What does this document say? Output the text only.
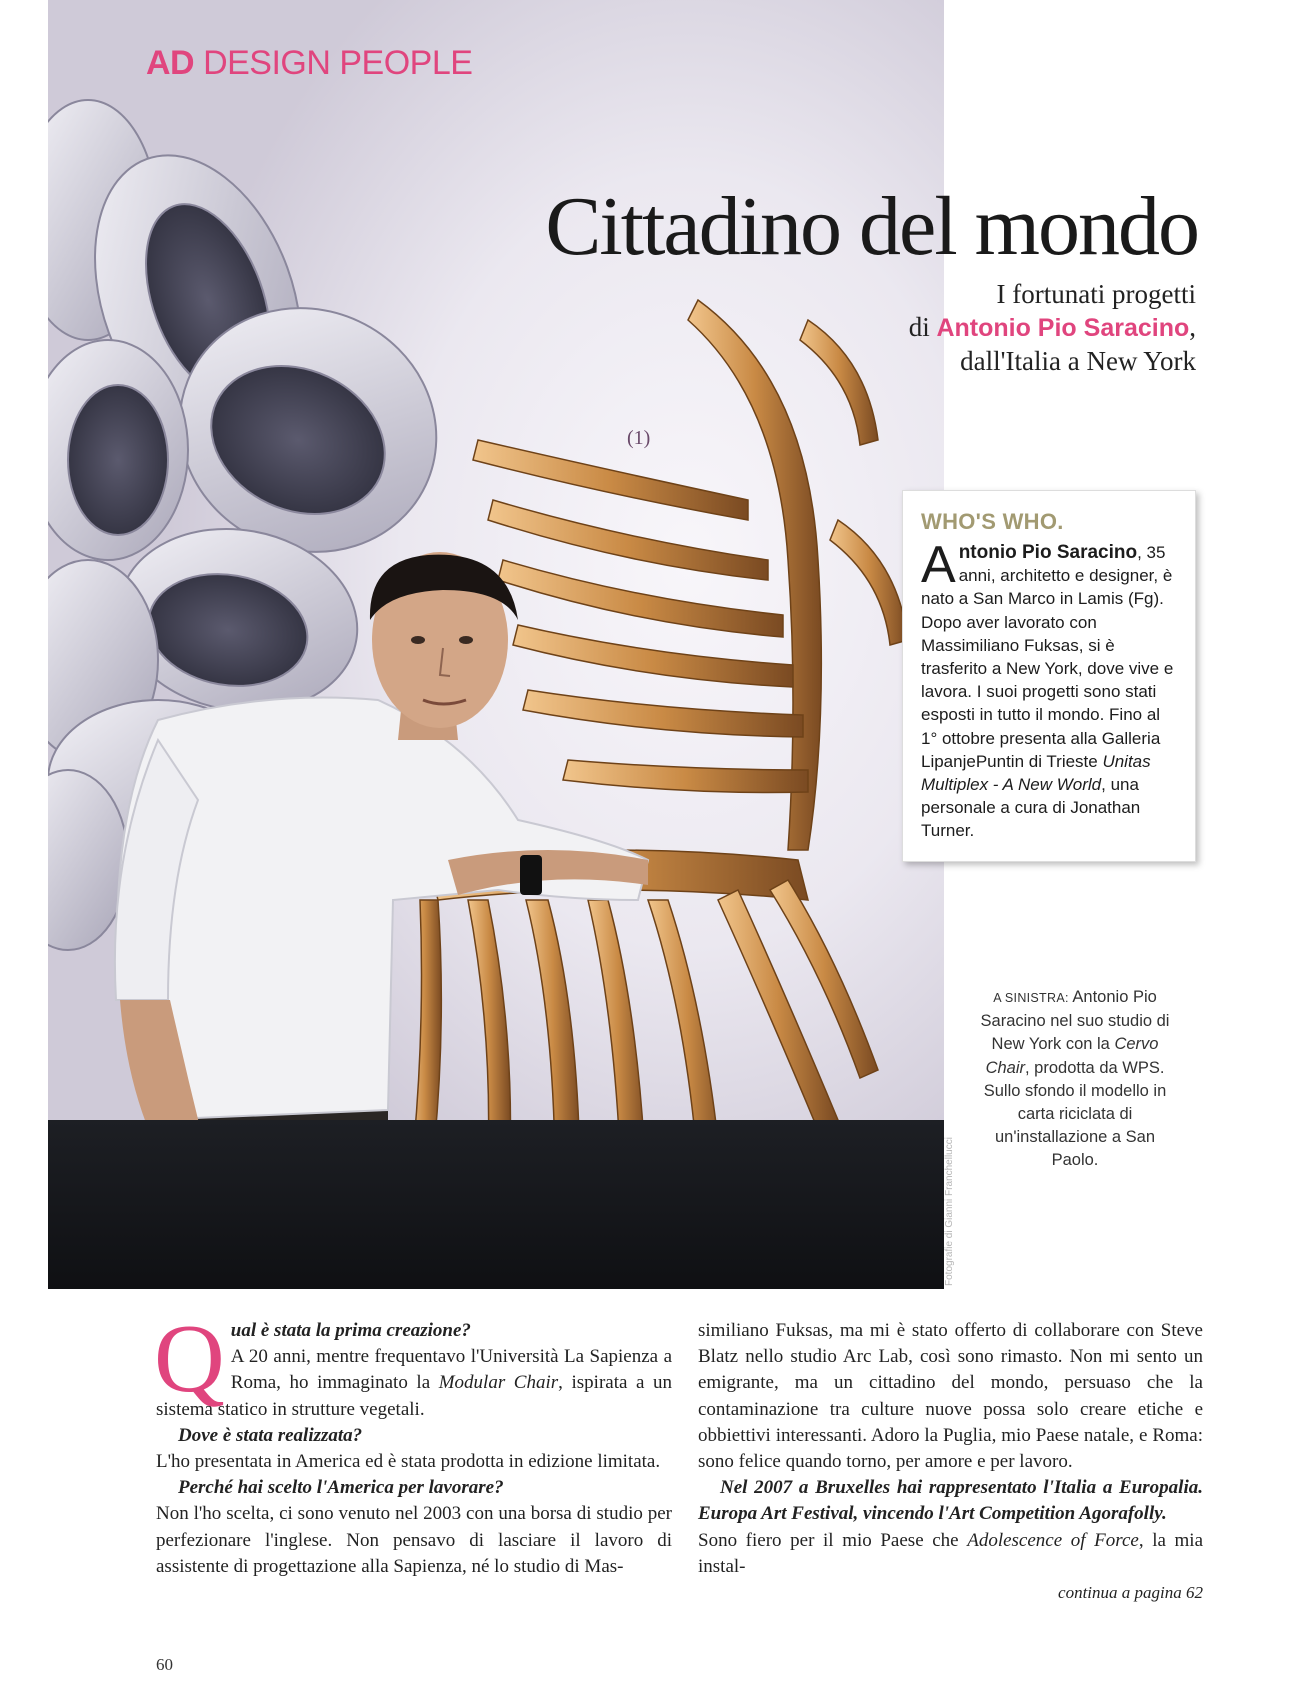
AD DESIGN PEOPLE
Cittadino del mondo
I fortunati progetti
di Antonio Pio Saracino,
dall'Italia a New York
(1)
WHO'S WHO.
Antonio Pio Saracino, 35 anni, architetto e designer, è nato a San Marco in Lamis (Fg). Dopo aver lavorato con Massimiliano Fuksas, si è trasferito a New York, dove vive e lavora. I suoi progetti sono stati esposti in tutto il mondo. Fino al 1° ottobre presenta alla Galleria LipanjePuntin di Trieste Unitas Multiplex - A New World, una personale a cura di Jonathan Turner.
A SINISTRA: Antonio Pio Saracino nel suo studio di New York con la Cervo Chair, prodotta da WPS. Sullo sfondo il modello in carta riciclata di un'installazione a San Paolo.
Fotografie di Gianni Franchellucci

Qual è stata la prima creazione?
A 20 anni, mentre frequentavo l'Università La Sapienza a Roma, ho immaginato la Modular Chair, ispirata a un sistema statico in strutture vegetali.

Dove è stata realizzata?
L'ho presentata in America ed è stata prodotta in edizione limitata.

Perché hai scelto l'America per lavorare?
Non l'ho scelta, ci sono venuto nel 2003 con una borsa di studio per perfezionare l'inglese. Non pensavo di lasciare il lavoro di assistente di progettazione alla Sapienza, né lo studio di Mas-

similiano Fuksas, ma mi è stato offerto di collaborare con Steve Blatz nello studio Arc Lab, così sono rimasto. Non mi sento un emigrante, ma un cittadino del mondo, persuaso che la contaminazione tra culture nuove possa solo creare etiche e obbiettivi interessanti. Adoro la Puglia, mio Paese natale, e Roma: sono felice quando torno, per amore e per lavoro.

Nel 2007 a Bruxelles hai rappresentato l'Italia a Europalia. Europa Art Festival, vincendo l'Art Competition Agorafolly.
Sono fiero per il mio Paese che Adolescence of Force, la mia instal-

continua a pagina 62
60
